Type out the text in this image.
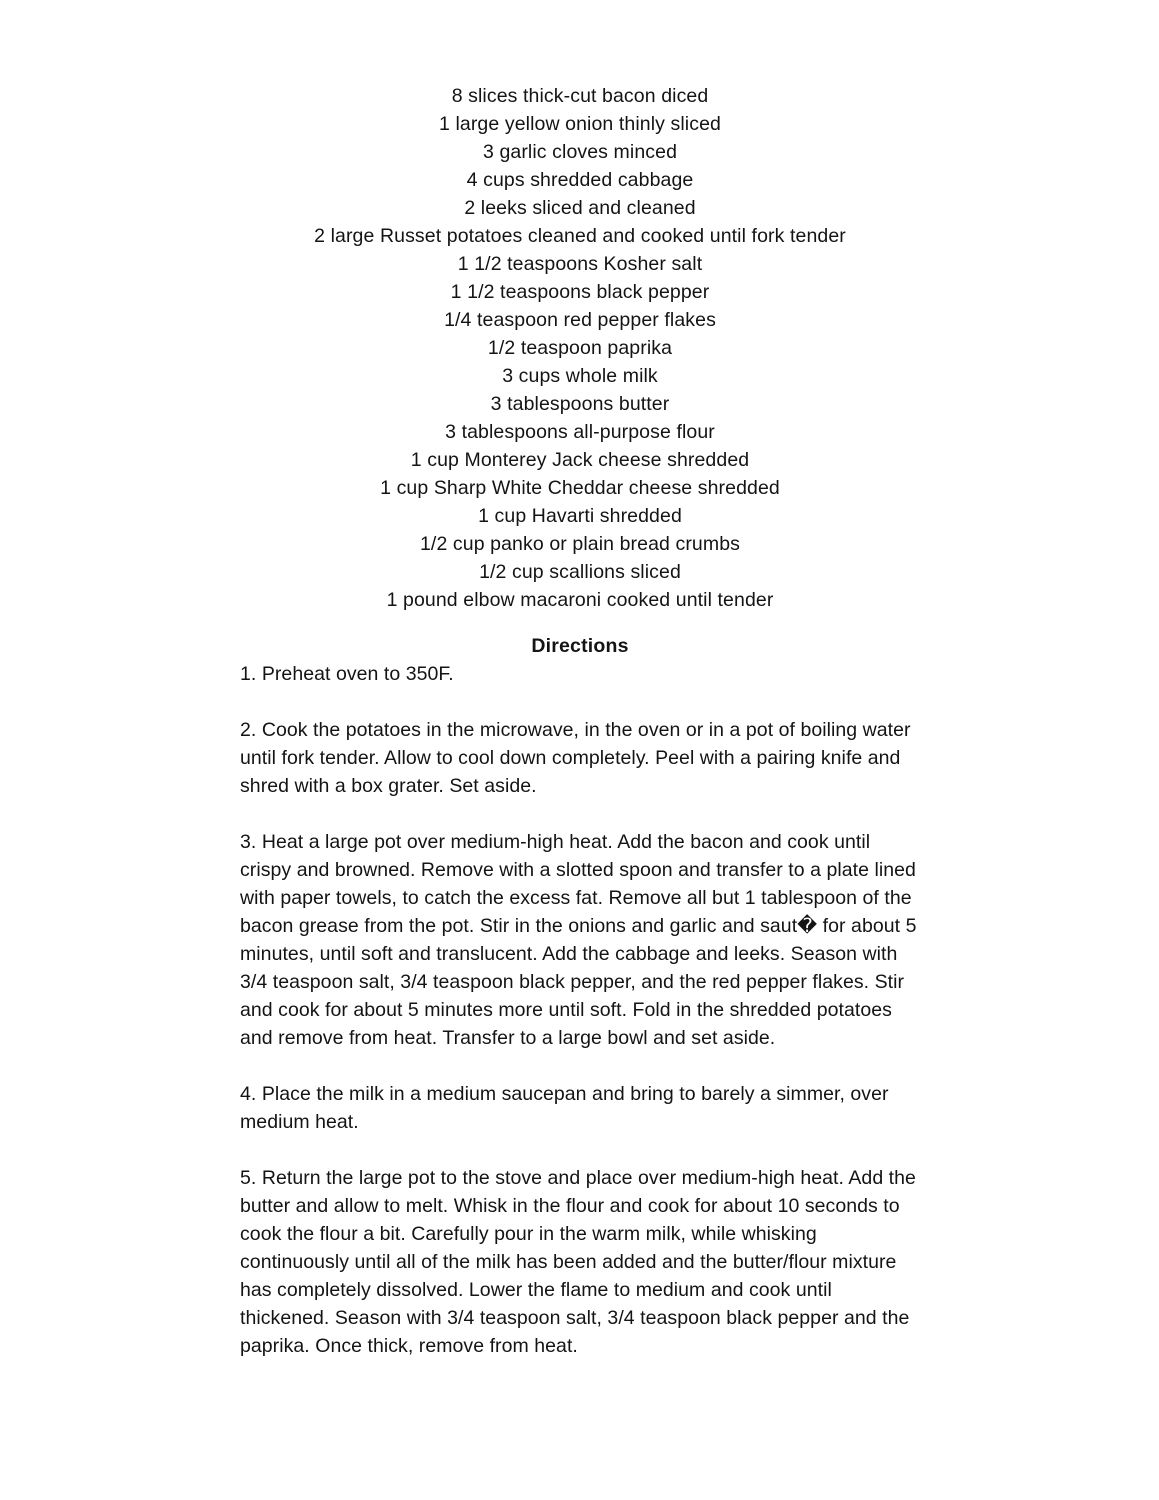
8 slices thick-cut bacon diced
1 large yellow onion thinly sliced
3 garlic cloves minced
4 cups shredded cabbage
2 leeks sliced and cleaned
2 large Russet potatoes cleaned and cooked until fork tender
1 1/2 teaspoons Kosher salt
1 1/2 teaspoons black pepper
1/4 teaspoon red pepper flakes
1/2 teaspoon paprika
3 cups whole milk
3 tablespoons butter
3 tablespoons all-purpose flour
1 cup Monterey Jack cheese shredded
1 cup Sharp White Cheddar cheese shredded
1 cup Havarti shredded
1/2 cup panko or plain bread crumbs
1/2 cup scallions sliced
1 pound elbow macaroni cooked until tender
Directions

1. Preheat oven to 350F.

2. Cook the potatoes in the microwave, in the oven or in a pot of boiling water until fork tender. Allow to cool down completely. Peel with a pairing knife and shred with a box grater. Set aside.

3. Heat a large pot over medium-high heat. Add the bacon and cook until crispy and browned. Remove with a slotted spoon and transfer to a plate lined with paper towels, to catch the excess fat. Remove all but 1 tablespoon of the bacon grease from the pot. Stir in the onions and garlic and saut� for about 5 minutes, until soft and translucent. Add the cabbage and leeks. Season with 3/4 teaspoon salt, 3/4 teaspoon black pepper, and the red pepper flakes. Stir and cook for about 5 minutes more until soft. Fold in the shredded potatoes and remove from heat. Transfer to a large bowl and set aside.

4. Place the milk in a medium saucepan and bring to barely a simmer, over medium heat.

5. Return the large pot to the stove and place over medium-high heat. Add the butter and allow to melt. Whisk in the flour and cook for about 10 seconds to cook the flour a bit. Carefully pour in the warm milk, while whisking continuously until all of the milk has been added and the butter/flour mixture has completely dissolved. Lower the flame to medium and cook until thickened. Season with 3/4 teaspoon salt, 3/4 teaspoon black pepper and the paprika. Once thick, remove from heat.
